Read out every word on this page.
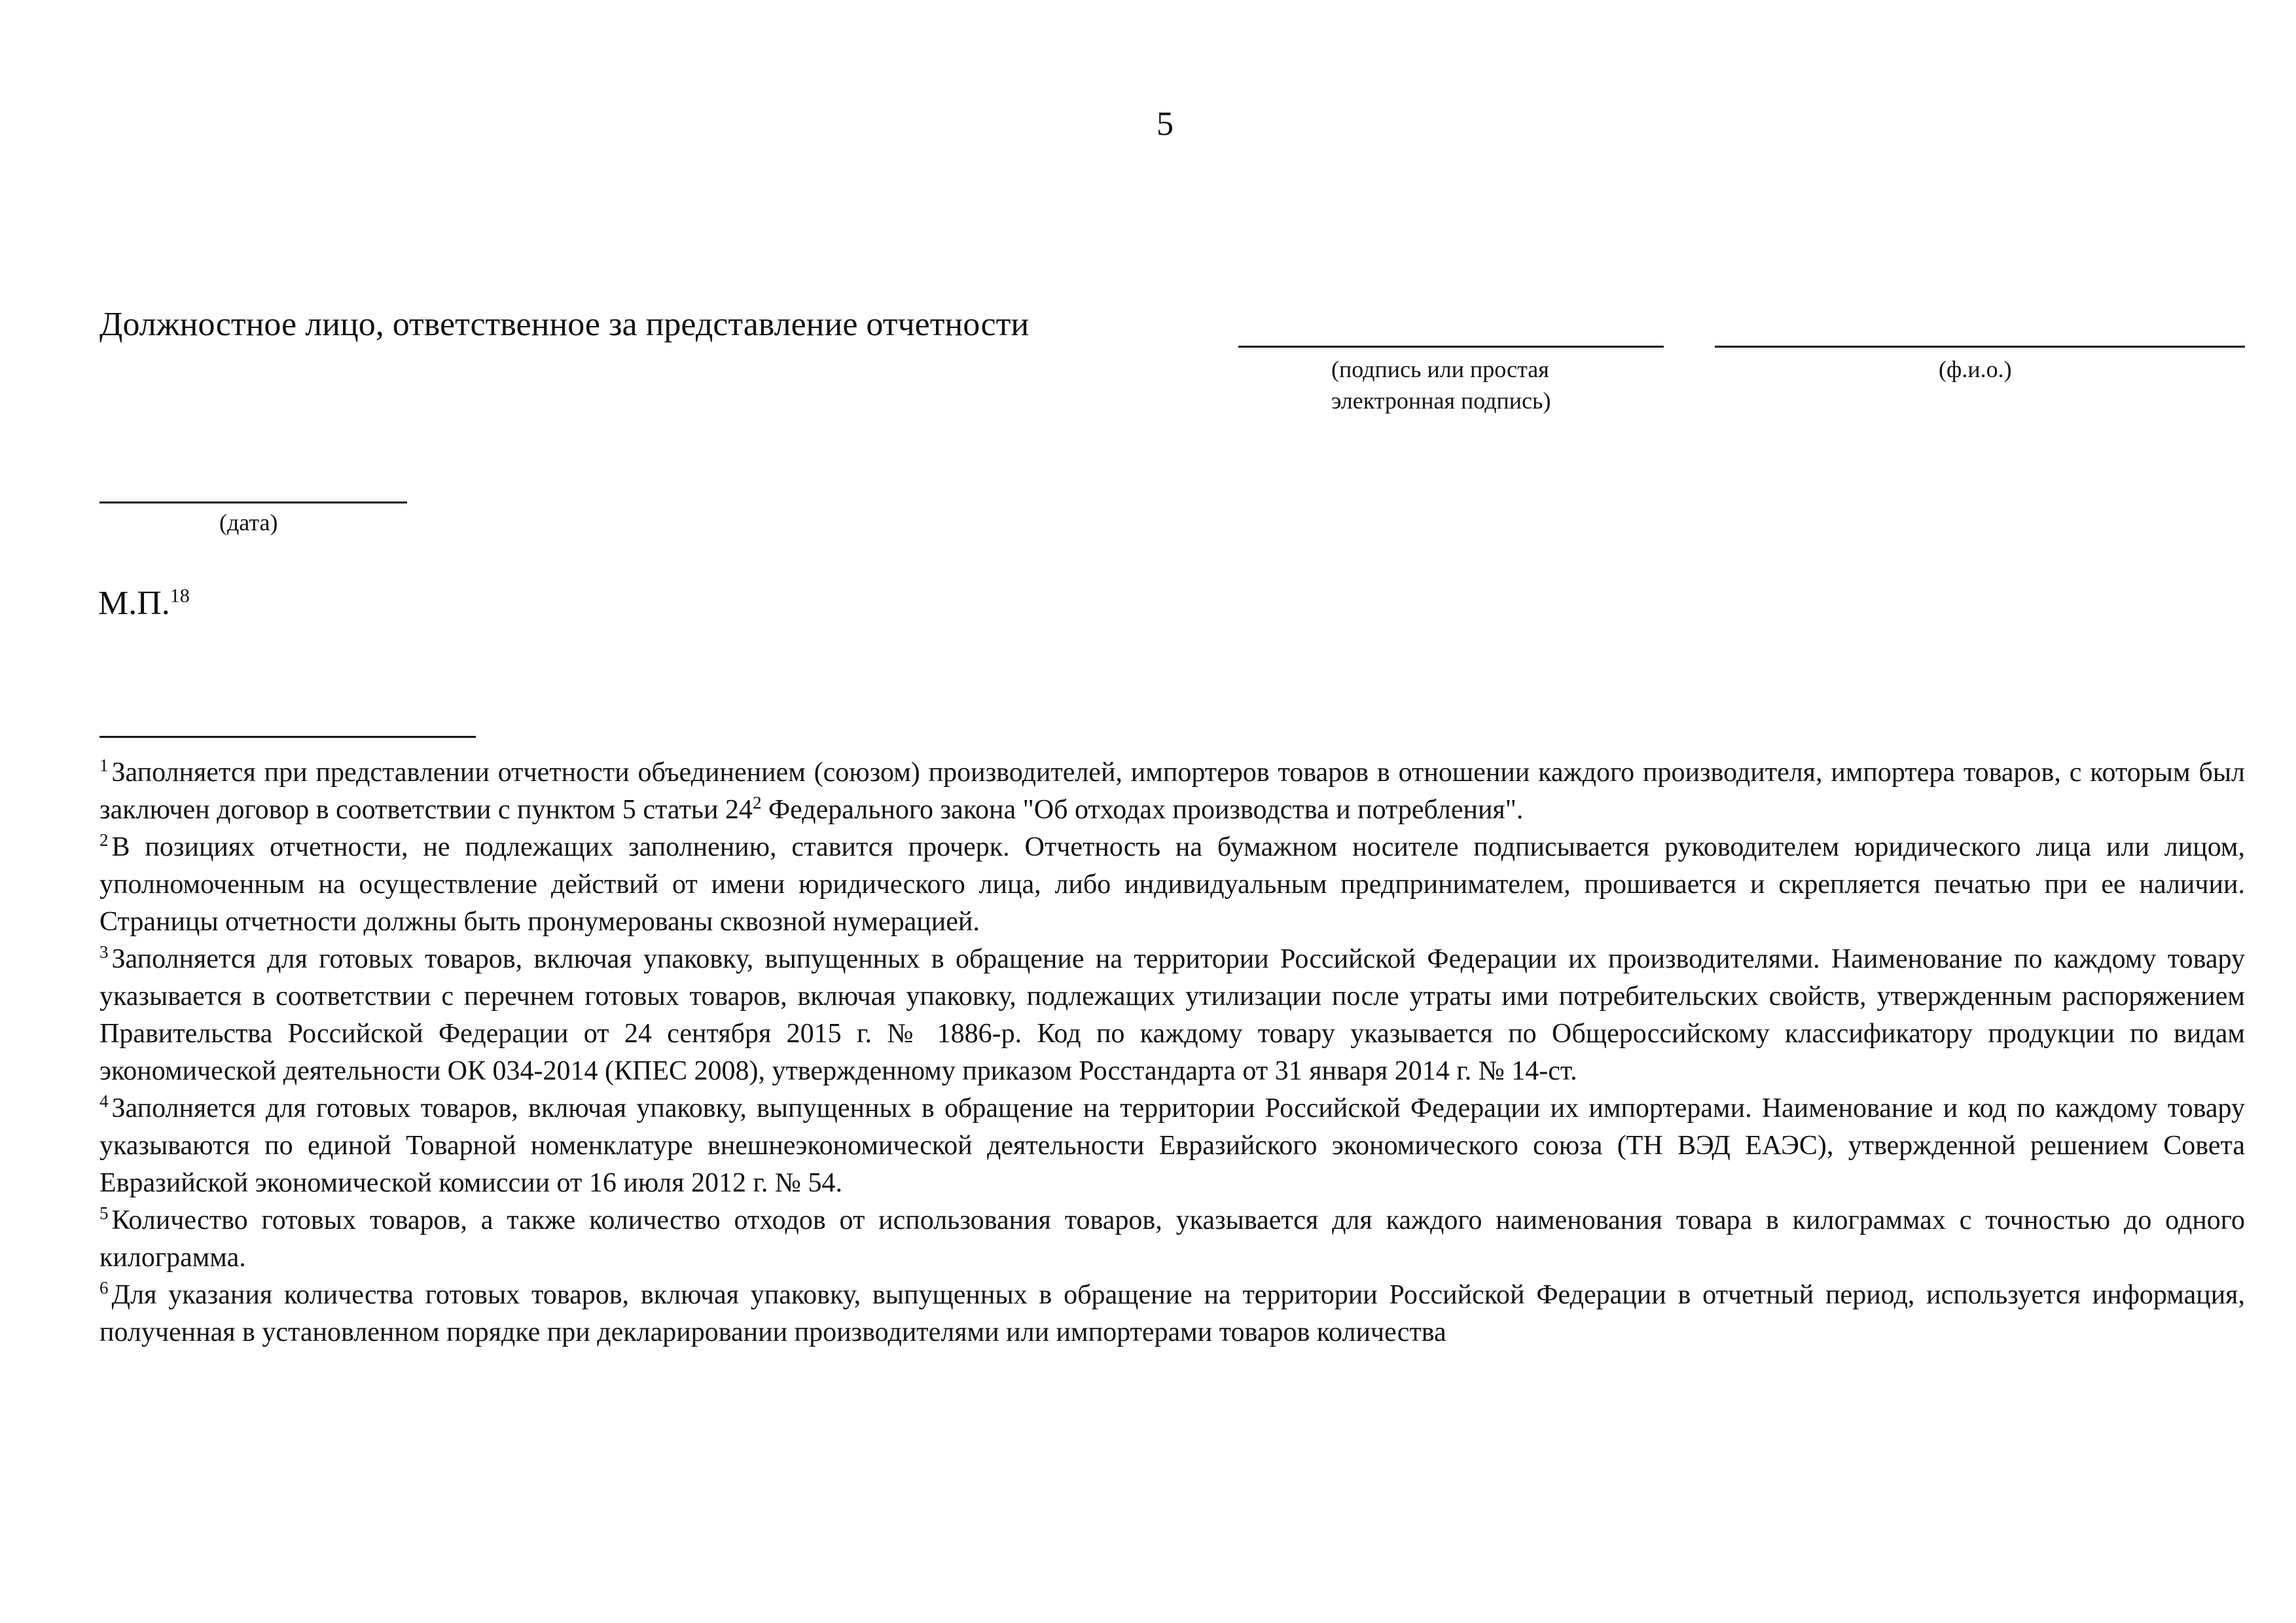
5
Должностное лицо, ответственное за представление отчетности
(подпись или простая
электронная подпись)
(ф.и.о.)
(дата)
М.П.$^{18}$

$^1$ Заполняется при представлении отчетности объединением (союзом) производителей, импортеров товаров в отношении каждого производителя, импортера товаров, с которым был заключен договор в соответствии с пунктом 5 статьи 24$^2$ Федерального закона "Об отходах производства и потребления".

$^2$ В позициях отчетности, не подлежащих заполнению, ставится прочерк. Отчетность на бумажном носителе подписывается руководителем юридического лица или лицом, уполномоченным на осуществление действий от имени юридического лица, либо индивидуальным предпринимателем, прошивается и скрепляется печатью при ее наличии. Страницы отчетности должны быть пронумерованы сквозной нумерацией.

$^3$ Заполняется для готовых товаров, включая упаковку, выпущенных в обращение на территории Российской Федерации их производителями. Наименование по каждому товару указывается в соответствии с перечнем готовых товаров, включая упаковку, подлежащих утилизации после утраты ими потребительских свойств, утвержденным распоряжением Правительства Российской Федерации от 24 сентября 2015 г. № 1886-р. Код по каждому товару указывается по Общероссийскому классификатору продукции по видам экономической деятельности ОК 034-2014 (КПЕС 2008), утвержденному приказом Росстандарта от 31 января 2014 г. № 14-ст.

$^4$ Заполняется для готовых товаров, включая упаковку, выпущенных в обращение на территории Российской Федерации их импортерами. Наименование и код по каждому товару указываются по единой Товарной номенклатуре внешнеэкономической деятельности Евразийского экономического союза (ТН ВЭД ЕАЭС), утвержденной решением Совета Евразийской экономической комиссии от 16 июля 2012 г. № 54.

$^5$ Количество готовых товаров, а также количество отходов от использования товаров, указывается для каждого наименования товара в килограммах с точностью до одного килограмма.

$^6$ Для указания количества готовых товаров, включая упаковку, выпущенных в обращение на территории Российской Федерации в отчетный период, используется информация, полученная в установленном порядке при декларировании производителями или импортерами товаров количества
